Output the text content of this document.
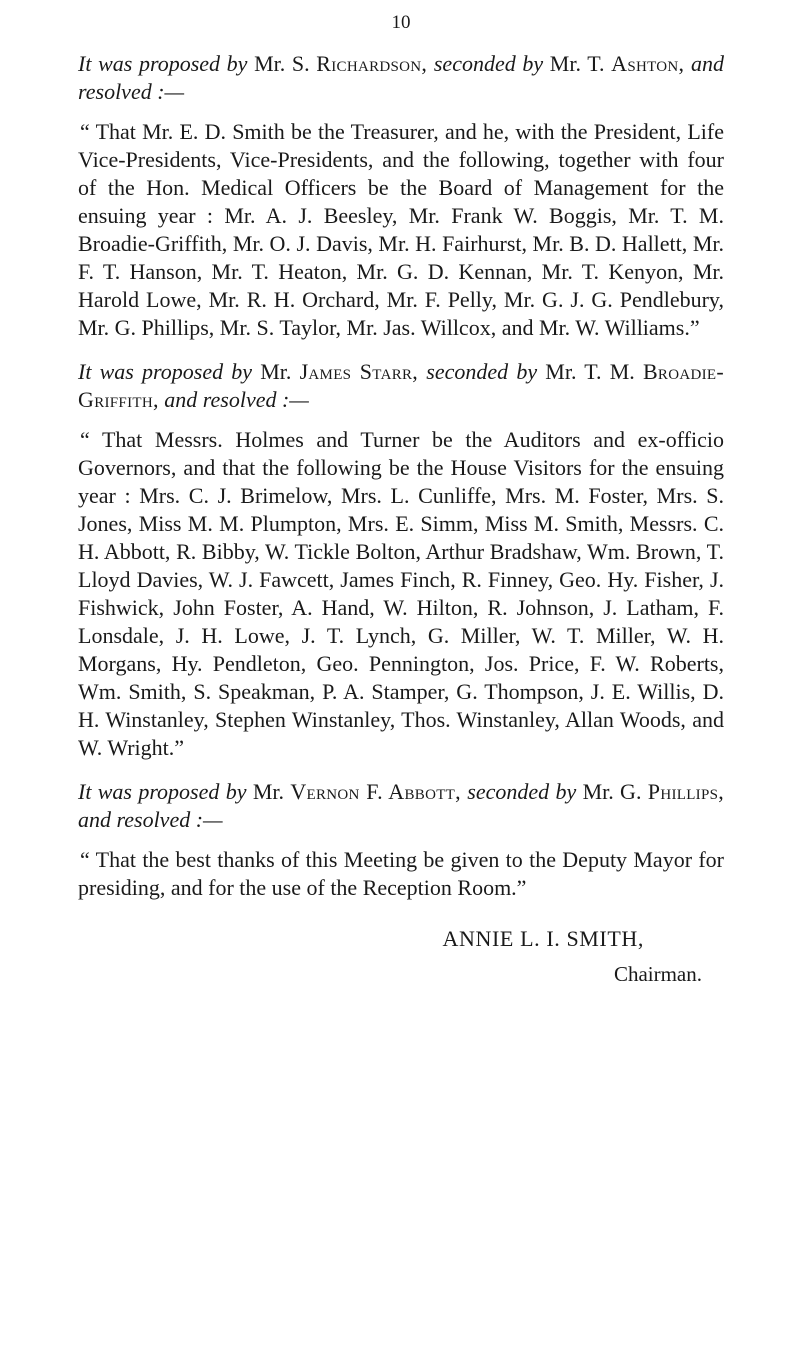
10

It was proposed by Mr. S. Richardson, seconded by Mr. T. Ashton, and resolved :—

“ That Mr. E. D. Smith be the Treasurer, and he, with the President, Life Vice-Presidents, Vice-Presidents, and the following, together with four of the Hon. Medical Officers be the Board of Management for the ensuing year : Mr. A. J. Beesley, Mr. Frank W. Boggis, Mr. T. M. Broadie-Griffith, Mr. O. J. Davis, Mr. H. Fairhurst, Mr. B. D. Hallett, Mr. F. T. Hanson, Mr. T. Heaton, Mr. G. D. Kennan, Mr. T. Kenyon, Mr. Harold Lowe, Mr. R. H. Orchard, Mr. F. Pelly, Mr. G. J. G. Pendlebury, Mr. G. Phillips, Mr. S. Taylor, Mr. Jas. Willcox, and Mr. W. Williams.”

It was proposed by Mr. James Starr, seconded by Mr. T. M. Broadie-Griffith, and resolved :—

“ That Messrs. Holmes and Turner be the Auditors and ex-officio Governors, and that the following be the House Visitors for the ensuing year : Mrs. C. J. Brimelow, Mrs. L. Cunliffe, Mrs. M. Foster, Mrs. S. Jones, Miss M. M. Plumpton, Mrs. E. Simm, Miss M. Smith, Messrs. C. H. Abbott, R. Bibby, W. Tickle Bolton, Arthur Bradshaw, Wm. Brown, T. Lloyd Davies, W. J. Fawcett, James Finch, R. Finney, Geo. Hy. Fisher, J. Fishwick, John Foster, A. Hand, W. Hilton, R. Johnson, J. Latham, F. Lonsdale, J. H. Lowe, J. T. Lynch, G. Miller, W. T. Miller, W. H. Morgans, Hy. Pendleton, Geo. Pennington, Jos. Price, F. W. Roberts, Wm. Smith, S. Speakman, P. A. Stamper, G. Thompson, J. E. Willis, D. H. Winstanley, Stephen Winstanley, Thos. Winstanley, Allan Woods, and W. Wright.”

It was proposed by Mr. Vernon F. Abbott, seconded by Mr. G. Phillips, and resolved :—

“ That the best thanks of this Meeting be given to the Deputy Mayor for presiding, and for the use of the Reception Room.”

ANNIE L. I. SMITH,
Chairman.
